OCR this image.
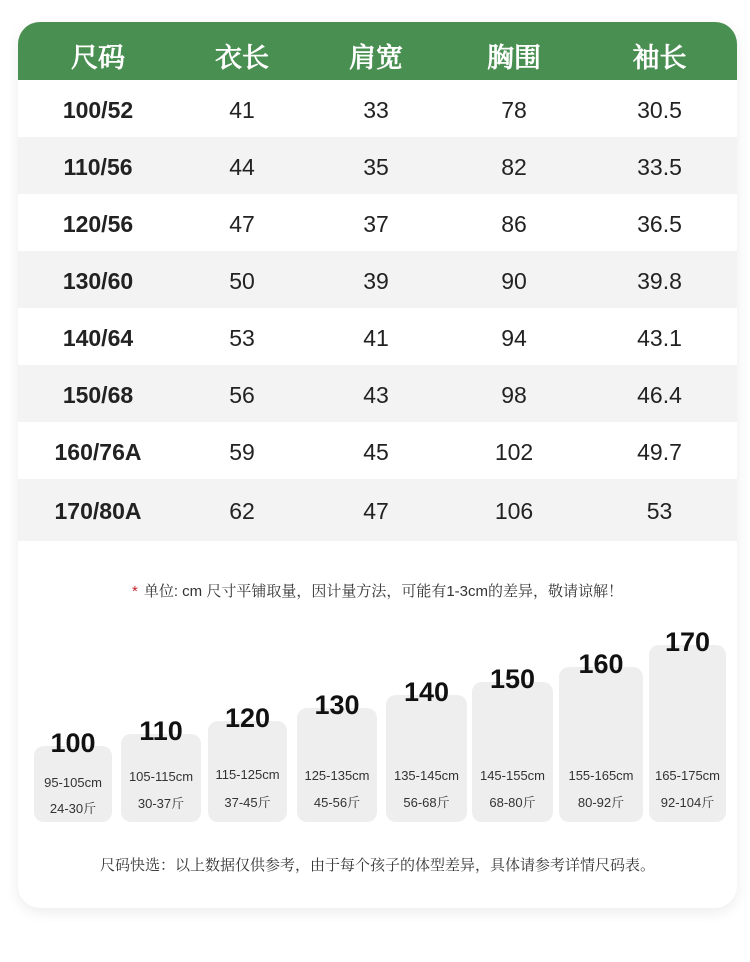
尺码	衣长	肩宽	胸围	袖长
100/52	41	33	78	30.5
110/56	44	35	82	33.5
120/56	47	37	86	36.5
130/60	50	39	90	39.8
140/64	53	41	94	43.1
150/68	56	43	98	46.4
160/76A	59	45	102	49.7
170/80A	62	47	106	53
* 单位: cm 尺寸平铺取量，因计量方法，可能有1-3cm的差异，敬请谅解！
100
95-105cm
24-30斤
110
105-115cm
30-37斤
120
115-125cm
37-45斤
130
125-135cm
45-56斤
140
135-145cm
56-68斤
150
145-155cm
68-80斤
160
155-165cm
80-92斤
170
165-175cm
92-104斤
尺码快选：以上数据仅供参考，由于每个孩子的体型差异，具体请参考详情尺码表。
